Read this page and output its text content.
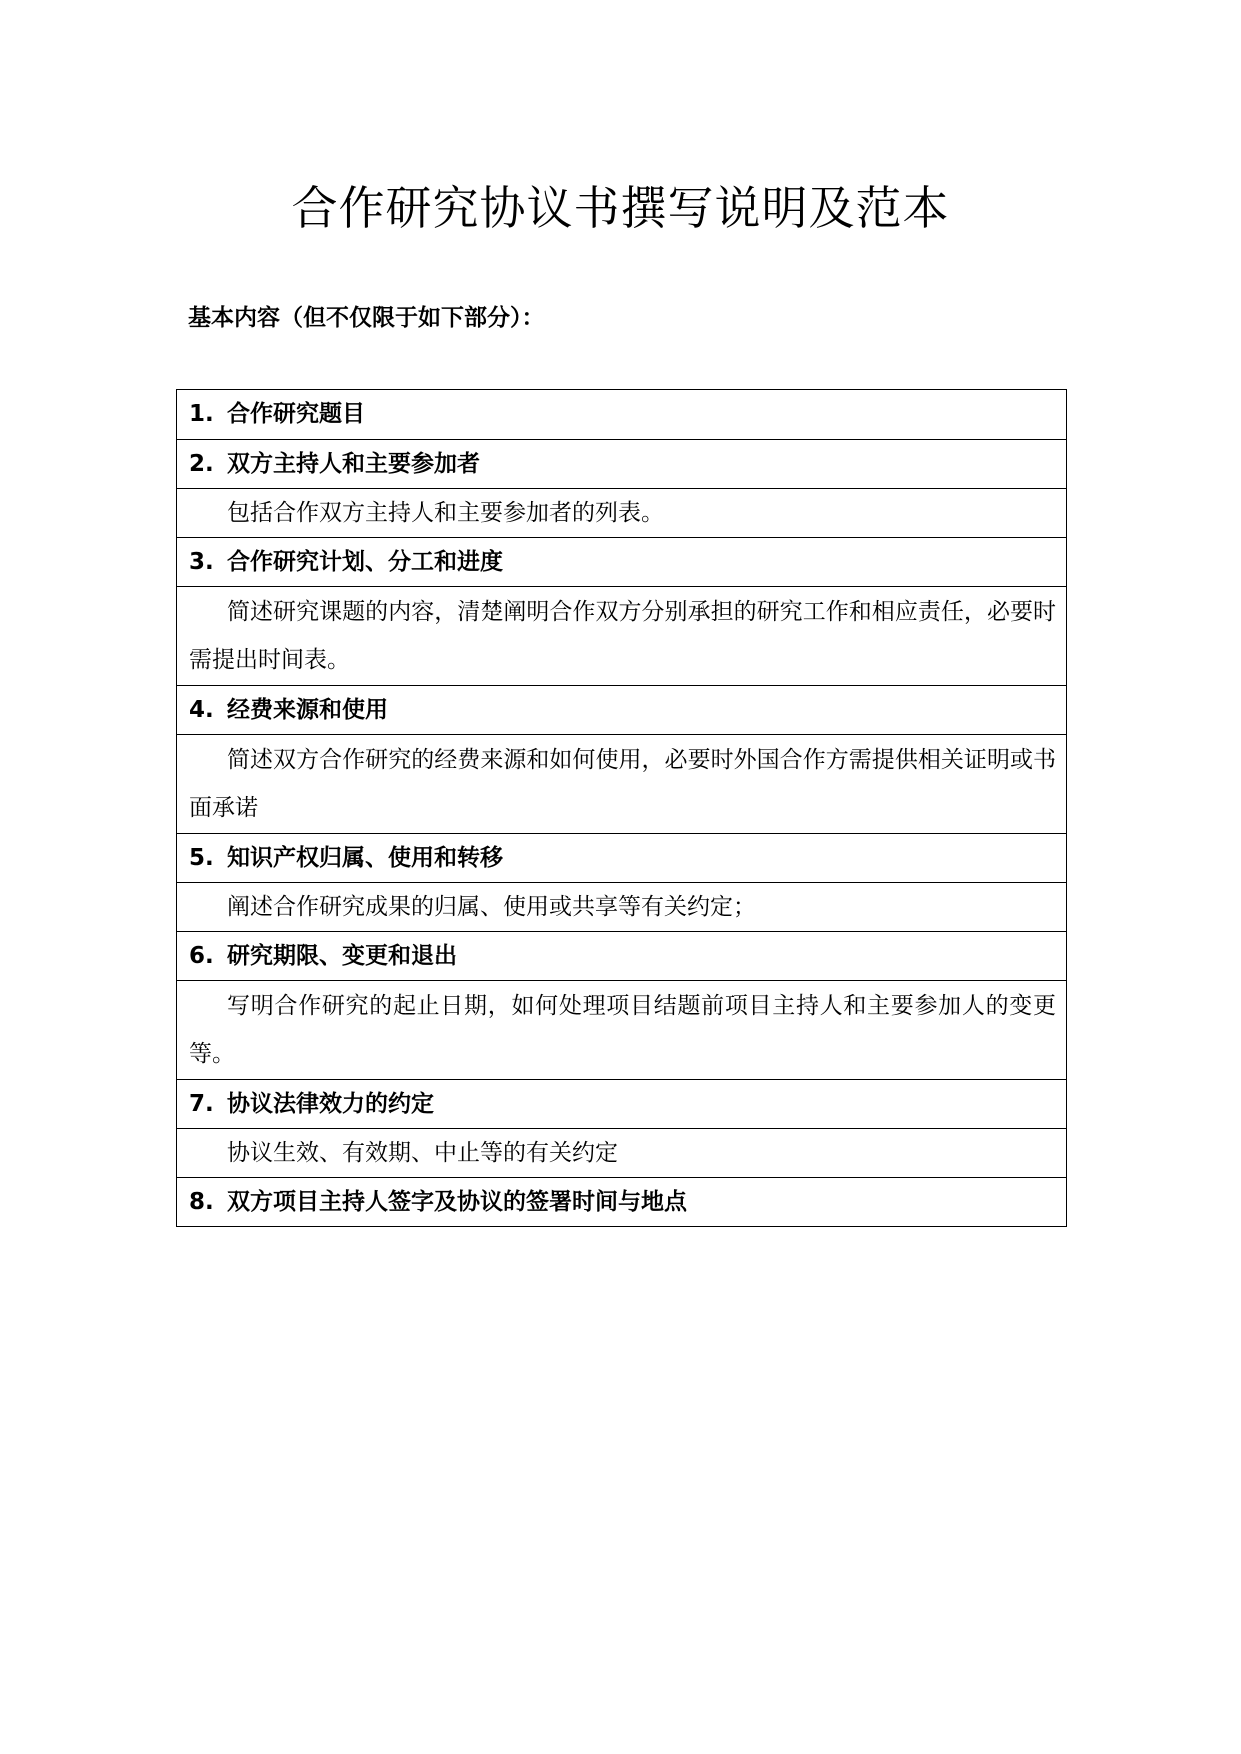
合作研究协议书撰写说明及范本
基本内容（但不仅限于如下部分）：
1. 合作研究题目
2. 双方主持人和主要参加者
包括合作双方主持人和主要参加者的列表。
3. 合作研究计划、分工和进度
简述研究课题的内容，清楚阐明合作双方分别承担的研究工作和相应责任，必要时需提出时间表。
4. 经费来源和使用
简述双方合作研究的经费来源和如何使用，必要时外国合作方需提供相关证明或书面承诺
5. 知识产权归属、使用和转移
阐述合作研究成果的归属、使用或共享等有关约定；
6. 研究期限、变更和退出
写明合作研究的起止日期，如何处理项目结题前项目主持人和主要参加人的变更等。
7. 协议法律效力的约定
协议生效、有效期、中止等的有关约定
8. 双方项目主持人签字及协议的签署时间与地点
